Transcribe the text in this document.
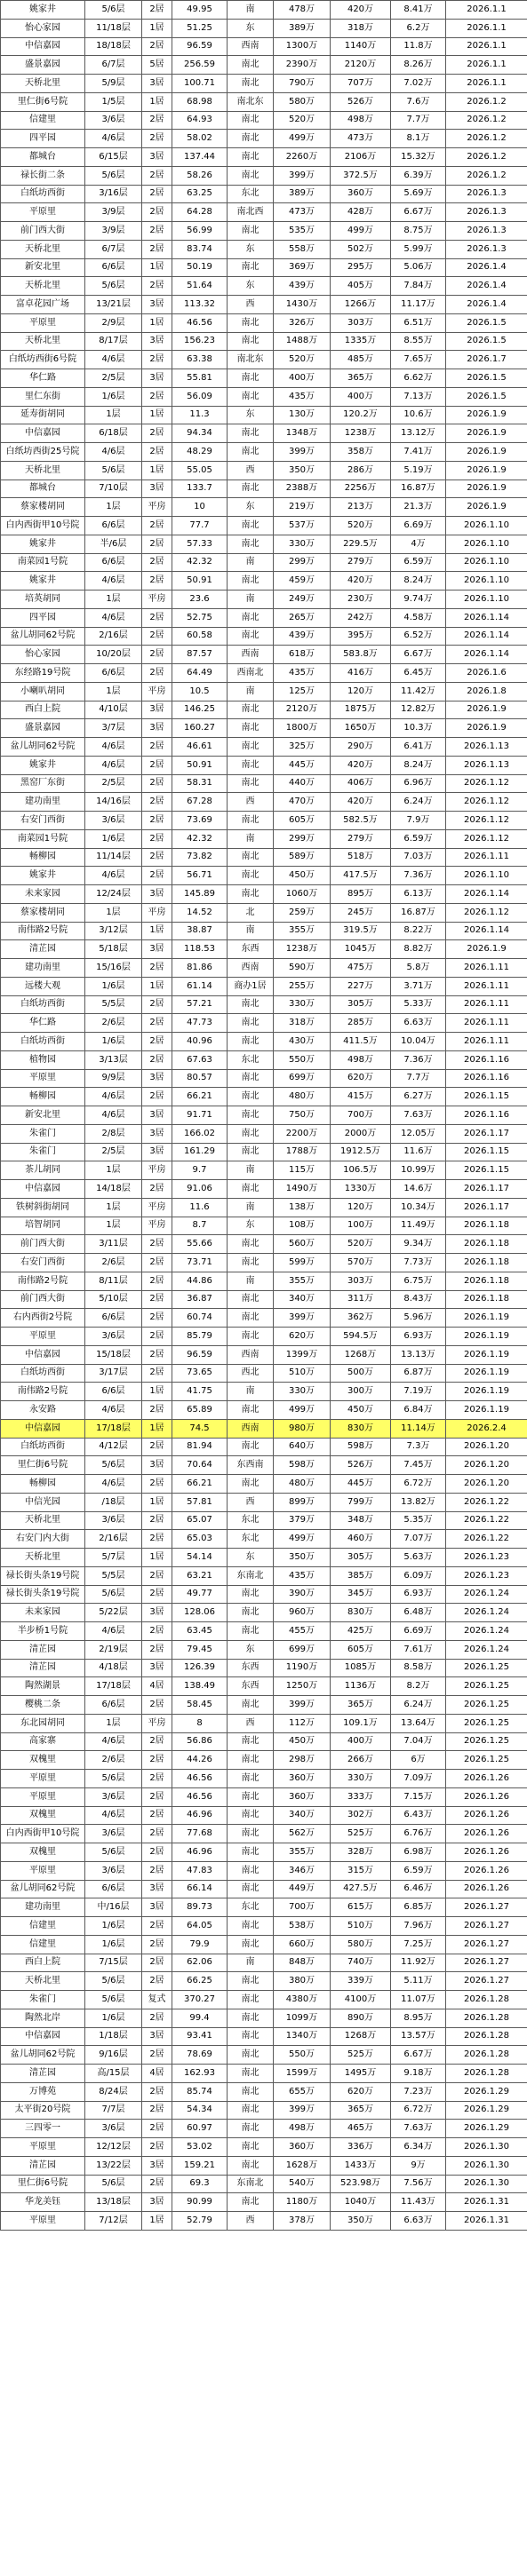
姚家井	5/6层	2居	49.95	南	478万	420万	8.41万	2026.1.1
怡心家园	11/18层	1居	51.25	东	389万	318万	6.2万	2026.1.1
中信嘉园	18/18层	2居	96.59	西南	1300万	1140万	11.8万	2026.1.1
盛景嘉园	6/7层	5居	256.59	南北	2390万	2120万	8.26万	2026.1.1
天桥北里	5/9层	3居	100.71	南北	790万	707万	7.02万	2026.1.1
里仁街6号院	1/5层	1居	68.98	南北东	580万	526万	7.6万	2026.1.2
信建里	3/6层	2居	64.93	南北	520万	498万	7.7万	2026.1.2
四平园	4/6层	2居	58.02	南北	499万	473万	8.1万	2026.1.2
都城台	6/15层	3居	137.44	南北	2260万	2106万	15.32万	2026.1.2
禄长街二条	5/6层	2居	58.26	南北	399万	372.5万	6.39万	2026.1.2
白纸坊西街	3/16层	2居	63.25	东北	389万	360万	5.69万	2026.1.3
平原里	3/9层	2居	64.28	南北西	473万	428万	6.67万	2026.1.3
前门西大街	3/9层	2居	56.99	南北	535万	499万	8.75万	2026.1.3
天桥北里	6/7层	2居	83.74	东	558万	502万	5.99万	2026.1.3
新安北里	6/6层	1居	50.19	南北	369万	295万	5.06万	2026.1.4
天桥北里	5/6层	2居	51.64	东	439万	405万	7.84万	2026.1.4
富卓花园广场	13/21层	3居	113.32	西	1430万	1266万	11.17万	2026.1.4
平原里	2/9层	1居	46.56	南北	326万	303万	6.51万	2026.1.5
天桥北里	8/17层	3居	156.23	南北	1488万	1335万	8.55万	2026.1.5
白纸坊西街6号院	4/6层	2居	63.38	南北东	520万	485万	7.65万	2026.1.7
华仁路	2/5层	3居	55.81	南北	400万	365万	6.62万	2026.1.5
里仁东街	1/6层	2居	56.09	南北	435万	400万	7.13万	2026.1.5
延寿街胡同	1层	1居	11.3	东	130万	120.2万	10.6万	2026.1.9
中信嘉园	6/18层	2居	94.34	南北	1348万	1238万	13.12万	2026.1.9
白纸坊西街25号院	4/6层	2居	48.29	南北	399万	358万	7.41万	2026.1.9
天桥北里	5/6层	1居	55.05	西	350万	286万	5.19万	2026.1.9
都城台	7/10层	3居	133.7	南北	2388万	2256万	16.87万	2026.1.9
蔡家楼胡同	1层	平房	10	东	219万	213万	21.3万	2026.1.9
白内西街甲10号院	6/6层	2居	77.7	南北	537万	520万	6.69万	2026.1.10
姚家井	半/6层	2居	57.33	南北	330万	229.5万	4万	2026.1.10
南菜园1号院	6/6层	2居	42.32	南	299万	279万	6.59万	2026.1.10
姚家井	4/6层	2居	50.91	南北	459万	420万	8.24万	2026.1.10
培英胡同	1层	平房	23.6	南	249万	230万	9.74万	2026.1.10
四平园	4/6层	2居	52.75	南北	265万	242万	4.58万	2026.1.14
盆儿胡同62号院	2/16层	2居	60.58	南北	439万	395万	6.52万	2026.1.14
怡心家园	10/20层	2居	87.57	西南	618万	583.8万	6.67万	2026.1.14
东经路19号院	6/6层	2居	64.49	西南北	435万	416万	6.45万	2026.1.6
小喇叭胡同	1层	平房	10.5	南	125万	120万	11.42万	2026.1.8
西白上院	4/10层	3居	146.25	南北	2120万	1875万	12.82万	2026.1.9
盛景嘉园	3/7层	3居	160.27	南北	1800万	1650万	10.3万	2026.1.9
盆儿胡同62号院	4/6层	2居	46.61	南北	325万	290万	6.41万	2026.1.13
姚家井	4/6层	2居	50.91	南北	445万	420万	8.24万	2026.1.13
黑窑厂东街	2/5层	2居	58.31	南北	440万	406万	6.96万	2026.1.12
建功南里	14/16层	2居	67.28	西	470万	420万	6.24万	2026.1.12
右安门西街	3/6层	2居	73.69	南北	605万	582.5万	7.9万	2026.1.12
南菜园1号院	1/6层	2居	42.32	南	299万	279万	6.59万	2026.1.12
畅柳园	11/14层	2居	73.82	南北	589万	518万	7.03万	2026.1.11
姚家井	4/6层	2居	56.71	南北	450万	417.5万	7.36万	2026.1.10
未来家园	12/24层	3居	145.89	南北	1060万	895万	6.13万	2026.1.14
蔡家楼胡同	1层	平房	14.52	北	259万	245万	16.87万	2026.1.12
南伟路2号院	3/12层	1居	38.87	南	355万	319.5万	8.22万	2026.1.14
清芷园	5/18层	3居	118.53	东西	1238万	1045万	8.82万	2026.1.9
建功南里	15/16层	2居	81.86	西南	590万	475万	5.8万	2026.1.11
远楼大观	1/6层	1居	61.14	商办1居	255万	227万	3.71万	2026.1.11
白纸坊西街	5/5层	2居	57.21	南北	330万	305万	5.33万	2026.1.11
华仁路	2/6层	2居	47.73	南北	318万	285万	6.63万	2026.1.11
白纸坊西街	1/6层	2居	40.96	南北	430万	411.5万	10.04万	2026.1.11
植物园	3/13层	2居	67.63	东北	550万	498万	7.36万	2026.1.16
平原里	9/9层	3居	80.57	南北	699万	620万	7.7万	2026.1.16
畅柳园	4/6层	2居	66.21	南北	480万	415万	6.27万	2026.1.15
新安北里	4/6层	3居	91.71	南北	750万	700万	7.63万	2026.1.16
朱雀门	2/8层	3居	166.02	南北	2200万	2000万	12.05万	2026.1.17
朱雀门	2/5层	3居	161.29	南北	1788万	1912.5万	11.6万	2026.1.15
茶儿胡同	1层	平房	9.7	南	115万	106.5万	10.99万	2026.1.15
中信嘉园	14/18层	2居	91.06	南北	1490万	1330万	14.6万	2026.1.17
铁树斜街胡同	1层	平房	11.6	南	138万	120万	10.34万	2026.1.17
培智胡同	1层	平房	8.7	东	108万	100万	11.49万	2026.1.18
前门西大街	3/11层	2居	55.66	南北	560万	520万	9.34万	2026.1.18
右安门西街	2/6层	2居	73.71	南北	599万	570万	7.73万	2026.1.18
南伟路2号院	8/11层	2居	44.86	南	355万	303万	6.75万	2026.1.18
前门西大街	5/10层	2居	36.87	南北	340万	311万	8.43万	2026.1.18
右内西街2号院	6/6层	2居	60.74	南北	399万	362万	5.96万	2026.1.19
平原里	3/6层	2居	85.79	南北	620万	594.5万	6.93万	2026.1.19
中信嘉园	15/18层	2居	96.59	西南	1399万	1268万	13.13万	2026.1.19
白纸坊西街	3/17层	2居	73.65	西北	510万	500万	6.87万	2026.1.19
南伟路2号院	6/6层	1居	41.75	南	330万	300万	7.19万	2026.1.19
永安路	4/6层	2居	65.89	南北	499万	450万	6.84万	2026.1.19
中信嘉园	17/18层	1居	74.5	西南	980万	830万	11.14万	2026.2.4
白纸坊西街	4/12层	2居	81.94	南北	640万	598万	7.3万	2026.1.20
里仁街6号院	5/6层	3居	70.64	东西南	598万	526万	7.45万	2026.1.20
畅柳园	4/6层	2居	66.21	南北	480万	445万	6.72万	2026.1.20
中信光园	/18层	1居	57.81	西	899万	799万	13.82万	2026.1.22
天桥北里	3/6层	2居	65.07	东北	379万	348万	5.35万	2026.1.22
右安门内大街	2/16层	2居	65.03	东北	499万	460万	7.07万	2026.1.22
天桥北里	5/7层	1居	54.14	东	350万	305万	5.63万	2026.1.23
禄长街头条19号院	5/5层	2居	63.21	东南北	435万	385万	6.09万	2026.1.23
禄长街头条19号院	5/6层	2居	49.77	南北	390万	345万	6.93万	2026.1.24
未来家园	5/22层	3居	128.06	南北	960万	830万	6.48万	2026.1.24
半步桥1号院	4/6层	2居	63.45	南北	455万	425万	6.69万	2026.1.24
清芷园	2/19层	2居	79.45	东	699万	605万	7.61万	2026.1.24
清芷园	4/18层	3居	126.39	东西	1190万	1085万	8.58万	2026.1.25
陶然湖景	17/18层	4居	138.49	东西	1250万	1136万	8.2万	2026.1.25
樱桃二条	6/6层	2居	58.45	南北	399万	365万	6.24万	2026.1.25
东北园胡同	1层	平房	8	西	112万	109.1万	13.64万	2026.1.25
高家寨	4/6层	2居	56.86	南北	450万	400万	7.04万	2026.1.25
双槐里	2/6层	2居	44.26	南北	298万	266万	6万	2026.1.25
平原里	5/6层	2居	46.56	南北	360万	330万	7.09万	2026.1.26
平原里	3/6层	2居	46.56	南北	360万	333万	7.15万	2026.1.26
双槐里	4/6层	2居	46.96	南北	340万	302万	6.43万	2026.1.26
白内西街甲10号院	3/6层	2居	77.68	南北	562万	525万	6.76万	2026.1.26
双槐里	5/6层	2居	46.96	南北	355万	328万	6.98万	2026.1.26
平原里	3/6层	2居	47.83	南北	346万	315万	6.59万	2026.1.26
盆儿胡同62号院	6/6层	3居	66.14	南北	449万	427.5万	6.46万	2026.1.26
建功南里	中/16层	3居	89.73	东北	700万	615万	6.85万	2026.1.27
信建里	1/6层	2居	64.05	南北	538万	510万	7.96万	2026.1.27
信建里	1/6层	2居	79.9	南北	660万	580万	7.25万	2026.1.27
西白上院	7/15层	2居	62.06	南	848万	740万	11.92万	2026.1.27
天桥北里	5/6层	2居	66.25	南北	380万	339万	5.11万	2026.1.27
朱雀门	5/6层	复式	370.27	南北	4380万	4100万	11.07万	2026.1.28
陶然北岸	1/6层	2居	99.4	南北	1099万	890万	8.95万	2026.1.28
中信嘉园	1/18层	3居	93.41	南北	1340万	1268万	13.57万	2026.1.28
盆儿胡同62号院	9/16层	2居	78.69	南北	550万	525万	6.67万	2026.1.28
清芷园	高/15层	4居	162.93	南北	1599万	1495万	9.18万	2026.1.28
万博苑	8/24层	2居	85.74	南北	655万	620万	7.23万	2026.1.29
太平街20号院	7/7层	2居	54.34	南北	399万	365万	6.72万	2026.1.29
三四零一	3/6层	2居	60.97	南北	498万	465万	7.63万	2026.1.29
平原里	12/12层	2居	53.02	南北	360万	336万	6.34万	2026.1.30
清芷园	13/22层	3居	159.21	南北	1628万	1433万	9万	2026.1.30
里仁街6号院	5/6层	2居	69.3	东南北	540万	523.98万	7.56万	2026.1.30
华龙美钰	13/18层	3居	90.99	南北	1180万	1040万	11.43万	2026.1.31
平原里	7/12层	1居	52.79	西	378万	350万	6.63万	2026.1.31
